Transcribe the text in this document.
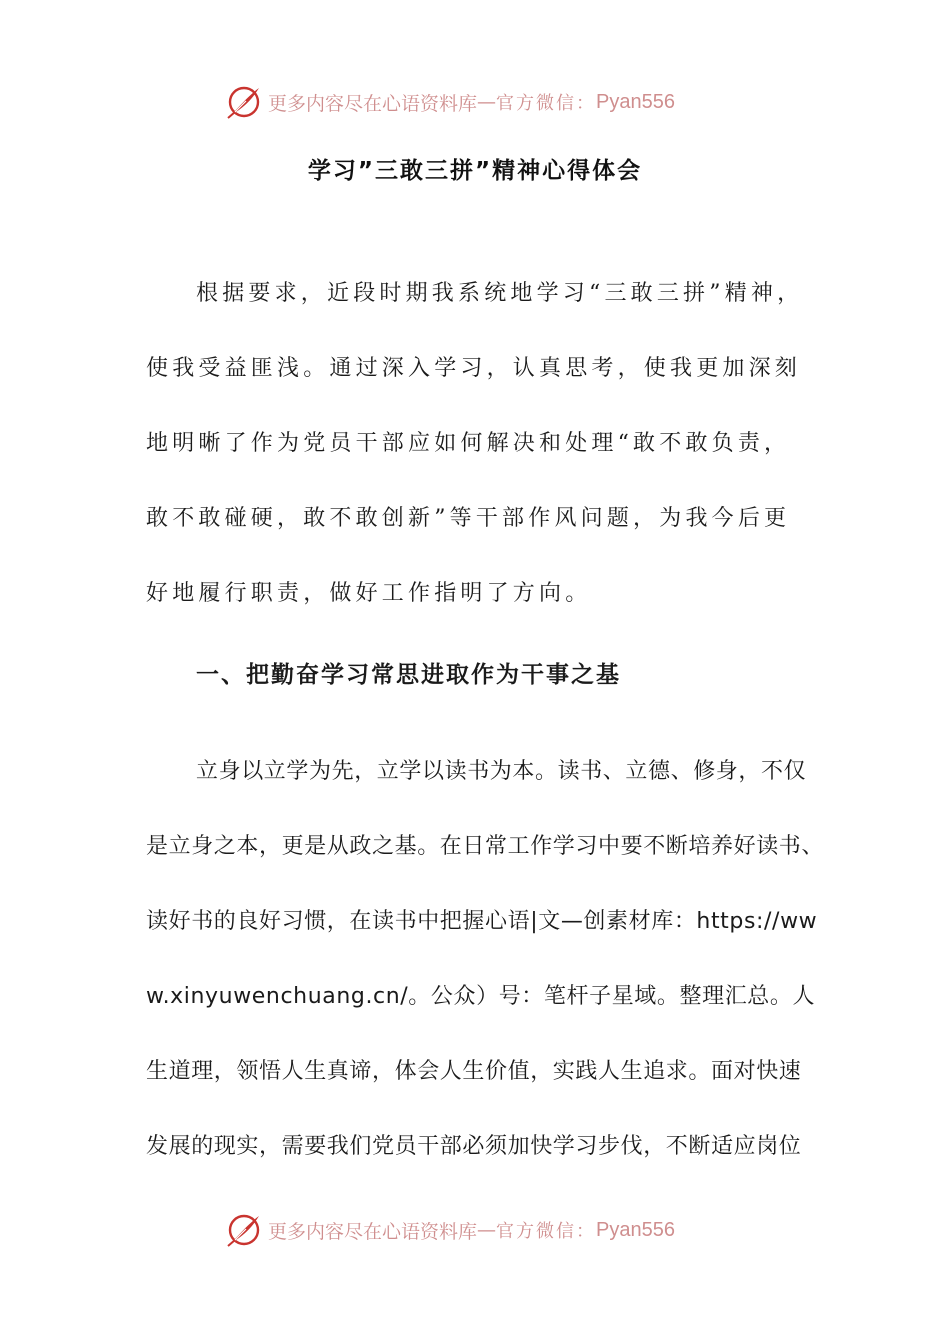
更多内容尽在心语资料库 — 官方微信： Pyan556
学习”三敢三拼”精神心得体会
根据要求，近段时期我系统地学习“三敢三拼”精神，
使我受益匪浅。通过深入学习，认真思考，使我更加深刻
地明晰了作为党员干部应如何解决和处理“敢不敢负责，
敢不敢碰硬，敢不敢创新”等干部作风问题，为我今后更
好地履行职责，做好工作指明了方向。
一、把勤奋学习常思进取作为干事之基
立身以立学为先，立学以读书为本。读书、立德、修身，不仅
是立身之本，更是从政之基。在日常工作学习中要不断培养好读书、
读好书的良好习惯，在读书中把握心语|文—创素材库：https://ww
w.xinyuwenchuang.cn/。公众）号：笔杆子星域。整理汇总。人
生道理，领悟人生真谛，体会人生价值，实践人生追求。面对快速
发展的现实，需要我们党员干部必须加快学习步伐，不断适应岗位
更多内容尽在心语资料库 — 官方微信： Pyan556
